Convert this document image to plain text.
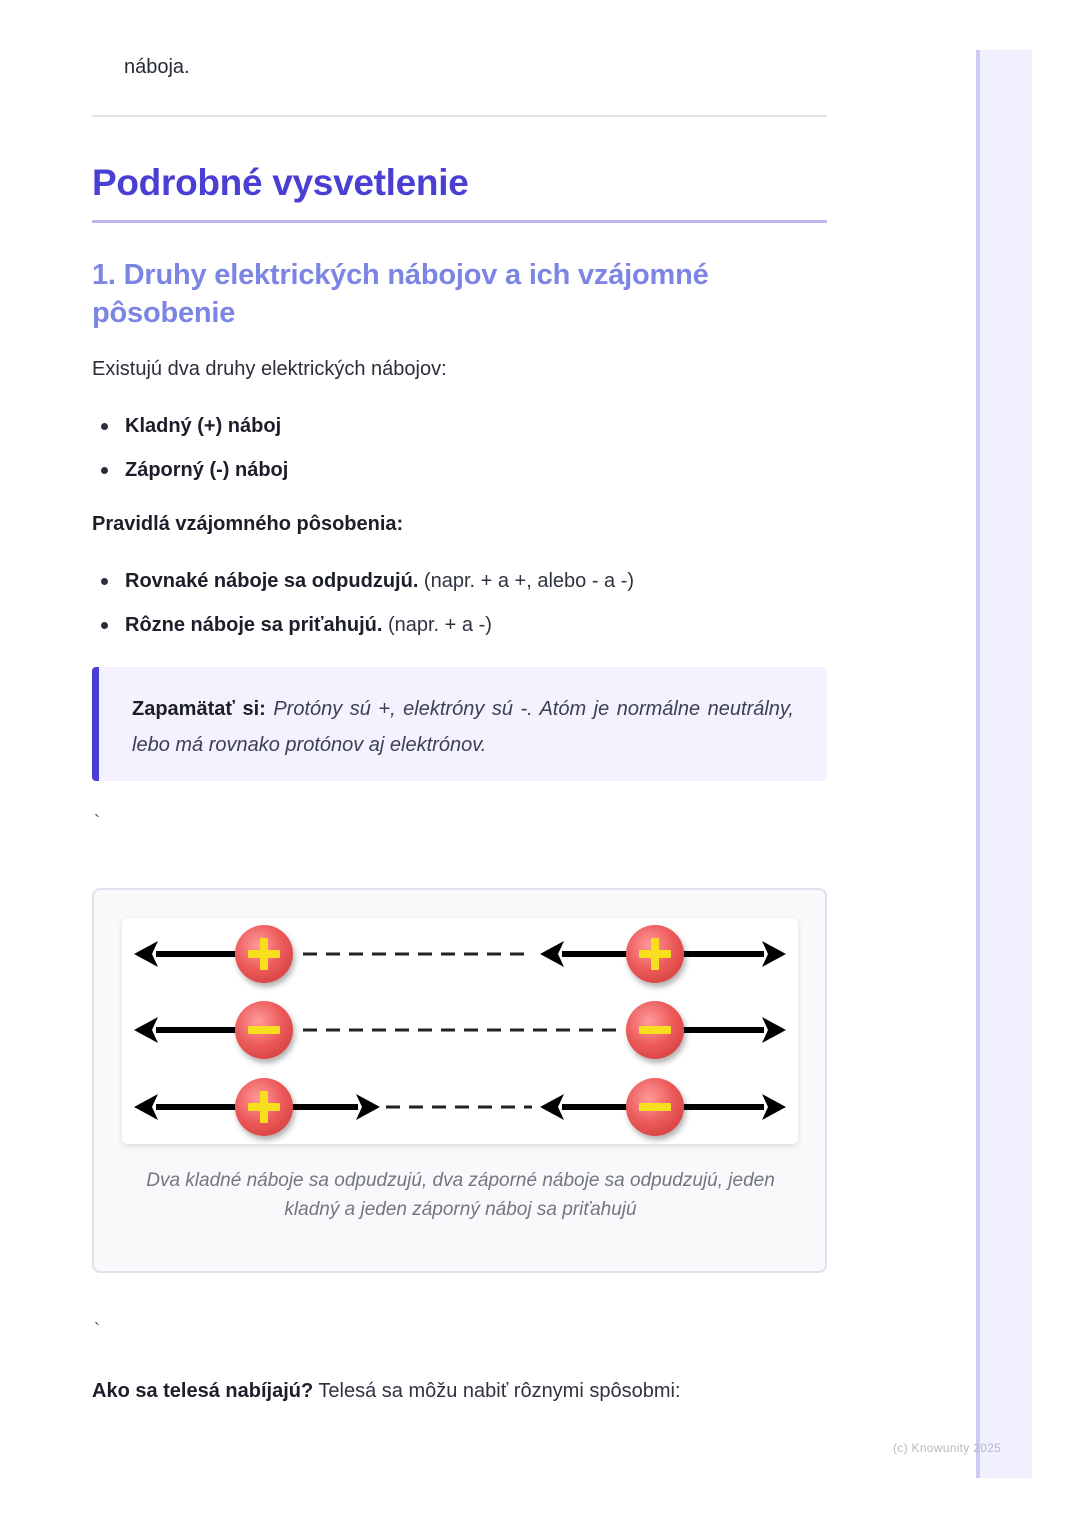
(c) Knowunity 2025
náboja.
Podrobné vysvetlenie
1. Druhy elektrických nábojov a ich vzájomné pôsobenie
Existujú dva druhy elektrických nábojov:
Kladný (+) náboj
Záporný (-) náboj
Pravidlá vzájomného pôsobenia:
Rovnaké náboje sa odpudzujú. (napr. + a +, alebo - a -)
Rôzne náboje sa priťahujú. (napr. + a -)
Zapamätať si: Protóny sú +, elektróny sú -. Atóm je normálne neutrálny, lebo má rovnako protónov aj elektrónov.
`
Dva kladné náboje sa odpudzujú, dva záporné náboje sa odpudzujú, jeden kladný a jeden záporný náboj sa priťahujú
`
Ako sa telesá nabíjajú? Telesá sa môžu nabiť rôznymi spôsobmi:
